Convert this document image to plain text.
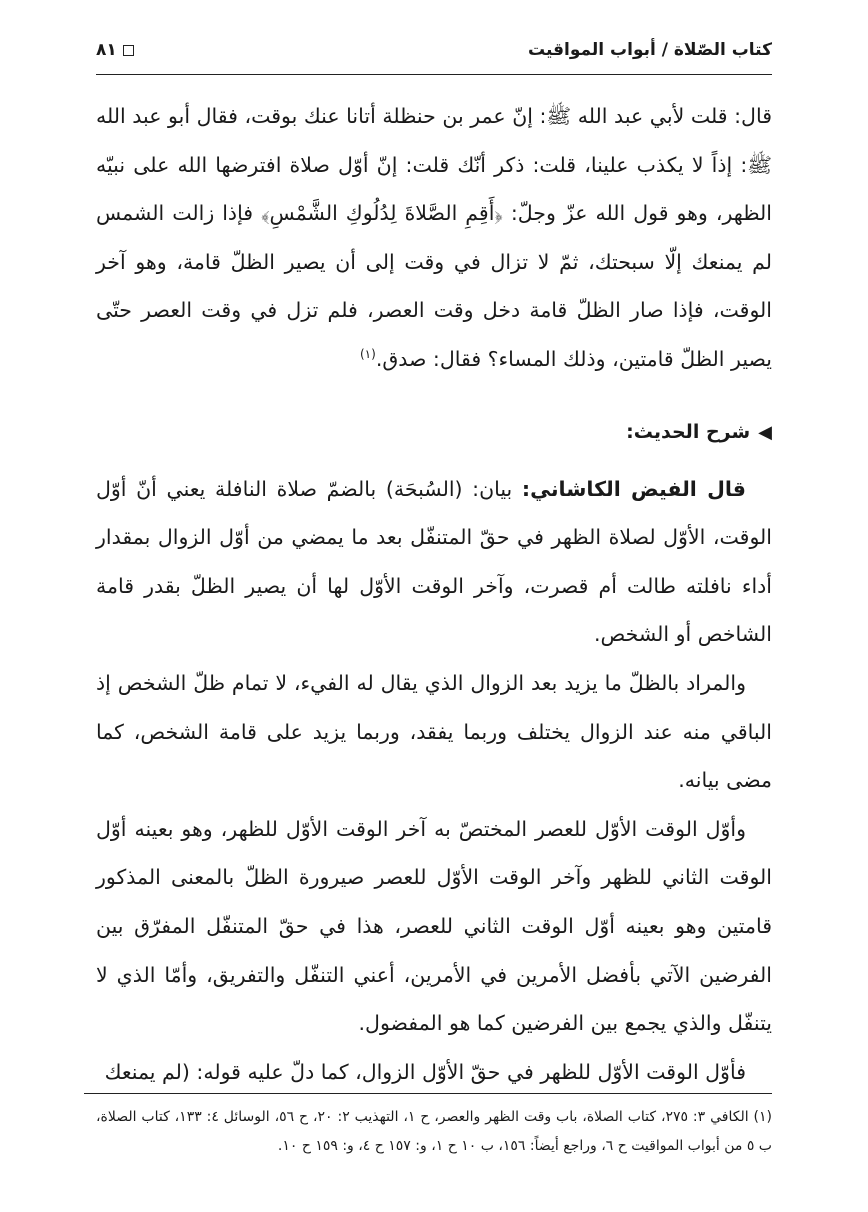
كتاب الصّلاة / أبواب المواقيت
٨١

قال: قلت لأبي عبد الله ﷺ: إنّ عمر بن حنظلة أتانا عنك بوقت، فقال أبو عبد الله ﷺ: إذاً لا يكذب علينا، قلت: ذكر أنّك قلت: إنّ أوّل صلاة افترضها الله على نبيّه الظهر، وهو قول الله عزّ وجلّ: ﴿أَقِمِ الصَّلاةَ لِدُلُوكِ الشَّمْسِ﴾ فإذا زالت الشمس لم يمنعك إلّا سبحتك، ثمّ لا تزال في وقت إلى أن يصير الظلّ قامة، وهو آخر الوقت، فإذا صار الظلّ قامة دخل وقت العصر، فلم تزل في وقت العصر حتّى يصير الظلّ قامتين، وذلك المساء؟ فقال: صدق.$^{(١)}$

◀شرح الحديث:

قال الفيض الكاشاني: بيان: (السُبحَة) بالضمّ صلاة النافلة يعني أنّ أوّل الوقت، الأوّل لصلاة الظهر في حقّ المتنفّل بعد ما يمضي من أوّل الزوال بمقدار أداء نافلته طالت أم قصرت، وآخر الوقت الأوّل لها أن يصير الظلّ بقدر قامة الشاخص أو الشخص.

والمراد بالظلّ ما يزيد بعد الزوال الذي يقال له الفيء، لا تمام ظلّ الشخص إذ الباقي منه عند الزوال يختلف وربما يفقد، وربما يزيد على قامة الشخص، كما مضى بيانه.

وأوّل الوقت الأوّل للعصر المختصّ به آخر الوقت الأوّل للظهر، وهو بعينه أوّل الوقت الثاني للظهر وآخر الوقت الأوّل للعصر صيرورة الظلّ بالمعنى المذكور قامتين وهو بعينه أوّل الوقت الثاني للعصر، هذا في حقّ المتنفّل المفرّق بين الفرضين الآتي بأفضل الأمرين في الأمرين، أعني التنفّل والتفريق، وأمّا الذي لا يتنفّل والذي يجمع بين الفرضين كما هو المفضول.

فأوّل الوقت الأوّل للظهر في حقّ الأوّل الزوال، كما دلّ عليه قوله: (لم يمنعك

(١) الكافي ٣: ٢٧٥، كتاب الصلاة، باب وقت الظهر والعصر، ح ١، التهذيب ٢: ٢٠، ح ٥٦، الوسائل ٤: ١٣٣، كتاب الصلاة، ب ٥ من أبواب المواقيت ح ٦، وراجع أيضاً: ١٥٦، ب ١٠ ح ١، و: ١٥٧ ح ٤، و: ١٥٩ ح ١٠.
